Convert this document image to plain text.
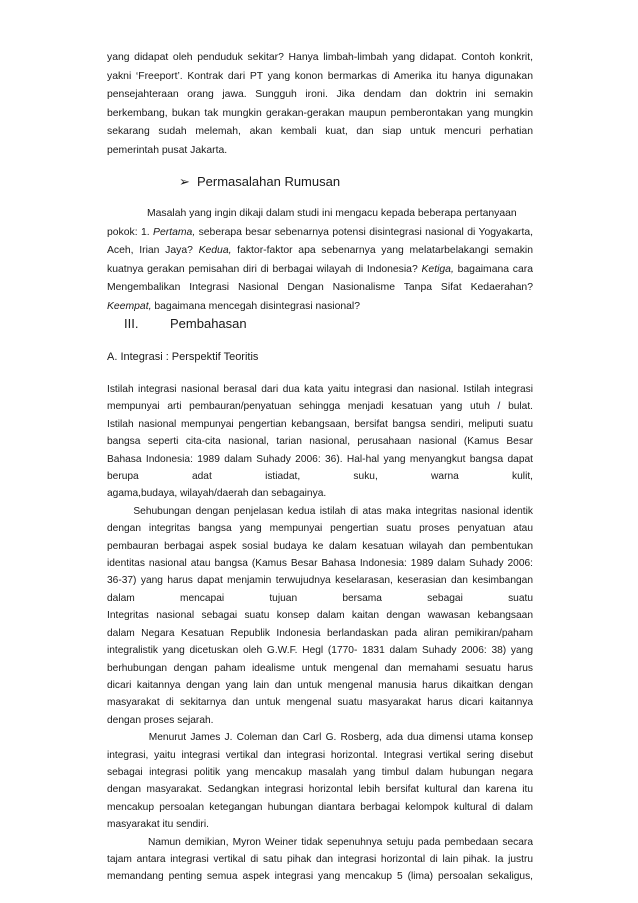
yang didapat oleh penduduk sekitar? Hanya limbah-limbah yang didapat. Contoh konkrit,
yakni ‘Freeport’. Kontrak dari PT yang konon bermarkas di Amerika itu hanya digunakan
pensejahteraan orang jawa. Sungguh ironi. Jika dendam dan doktrin ini semakin
berkembang, bukan tak mungkin gerakan-gerakan maupun pemberontakan yang mungkin
sekarang sudah melemah, akan kembali kuat, dan siap untuk mencuri perhatian
pemerintah pusat Jakarta.
➢ Permasalahan Rumusan
Masalah yang ingin dikaji dalam studi ini mengacu kepada beberapa pertanyaan
pokok: 1. Pertama, seberapa besar sebenarnya potensi disintegrasi nasional di Yogyakarta,
Aceh, Irian Jaya? Kedua, faktor-faktor apa sebenarnya yang melatarbelakangi semakin
kuatnya gerakan pemisahan diri di berbagai wilayah di Indonesia? Ketiga, bagaimana cara
Mengembalikan Integrasi Nasional Dengan Nasionalisme Tanpa Sifat Kedaerahan?
Keempat, bagaimana mencegah disintegrasi nasional?
III. Pembahasan
A. Integrasi : Perspektif Teoritis
Istilah integrasi nasional berasal dari dua kata yaitu integrasi dan nasional. Istilah integrasi
mempunyai arti pembauran/penyatuan sehingga menjadi kesatuan yang utuh / bulat.
Istilah nasional mempunyai pengertian kebangsaan, bersifat bangsa sendiri, meliputi suatu
bangsa seperti cita-cita nasional, tarian nasional, perusahaan nasional (Kamus Besar
Bahasa Indonesia: 1989 dalam Suhady 2006: 36). Hal-hal yang menyangkut bangsa dapat
berupa adat istiadat, suku, warna kulit,
agama,budaya, wilayah/daerah dan sebagainya.
Sehubungan dengan penjelasan kedua istilah di atas maka integritas nasional identik
dengan integritas bangsa yang mempunyai pengertian suatu proses penyatuan atau
pembauran berbagai aspek sosial budaya ke dalam kesatuan wilayah dan pembentukan
identitas nasional atau bangsa (Kamus Besar Bahasa Indonesia: 1989 dalam Suhady 2006:
36-37) yang harus dapat menjamin terwujudnya keselarasan, keserasian dan kesimbangan
dalam mencapai tujuan bersama sebagai suatu
Integritas nasional sebagai suatu konsep dalam kaitan dengan wawasan kebangsaan
dalam Negara Kesatuan Republik Indonesia berlandaskan pada aliran pemikiran/paham
integralistik yang dicetuskan oleh G.W.F. Hegl (1770- 1831 dalam Suhady 2006: 38) yang
berhubungan dengan paham idealisme untuk mengenal dan memahami sesuatu harus
dicari kaitannya dengan yang lain dan untuk mengenal manusia harus dikaitkan dengan
masyarakat di sekitarnya dan untuk mengenal suatu masyarakat harus dicari kaitannya
dengan proses sejarah.
Menurut James J. Coleman dan Carl G. Rosberg, ada dua dimensi utama konsep
integrasi, yaitu integrasi vertikal dan integrasi horizontal. Integrasi vertikal sering disebut
sebagai integrasi politik yang mencakup masalah yang timbul dalam hubungan negara
dengan masyarakat. Sedangkan integrasi horizontal lebih bersifat kultural dan karena itu
mencakup persoalan ketegangan hubungan diantara berbagai kelompok kultural di dalam
masyarakat itu sendiri.
Namun demikian, Myron Weiner tidak sepenuhnya setuju pada pembedaan secara
tajam antara integrasi vertikal di satu pihak dan integrasi horizontal di lain pihak. Ia justru
memandang penting semua aspek integrasi yang mencakup 5 (lima) persoalan sekaligus,
